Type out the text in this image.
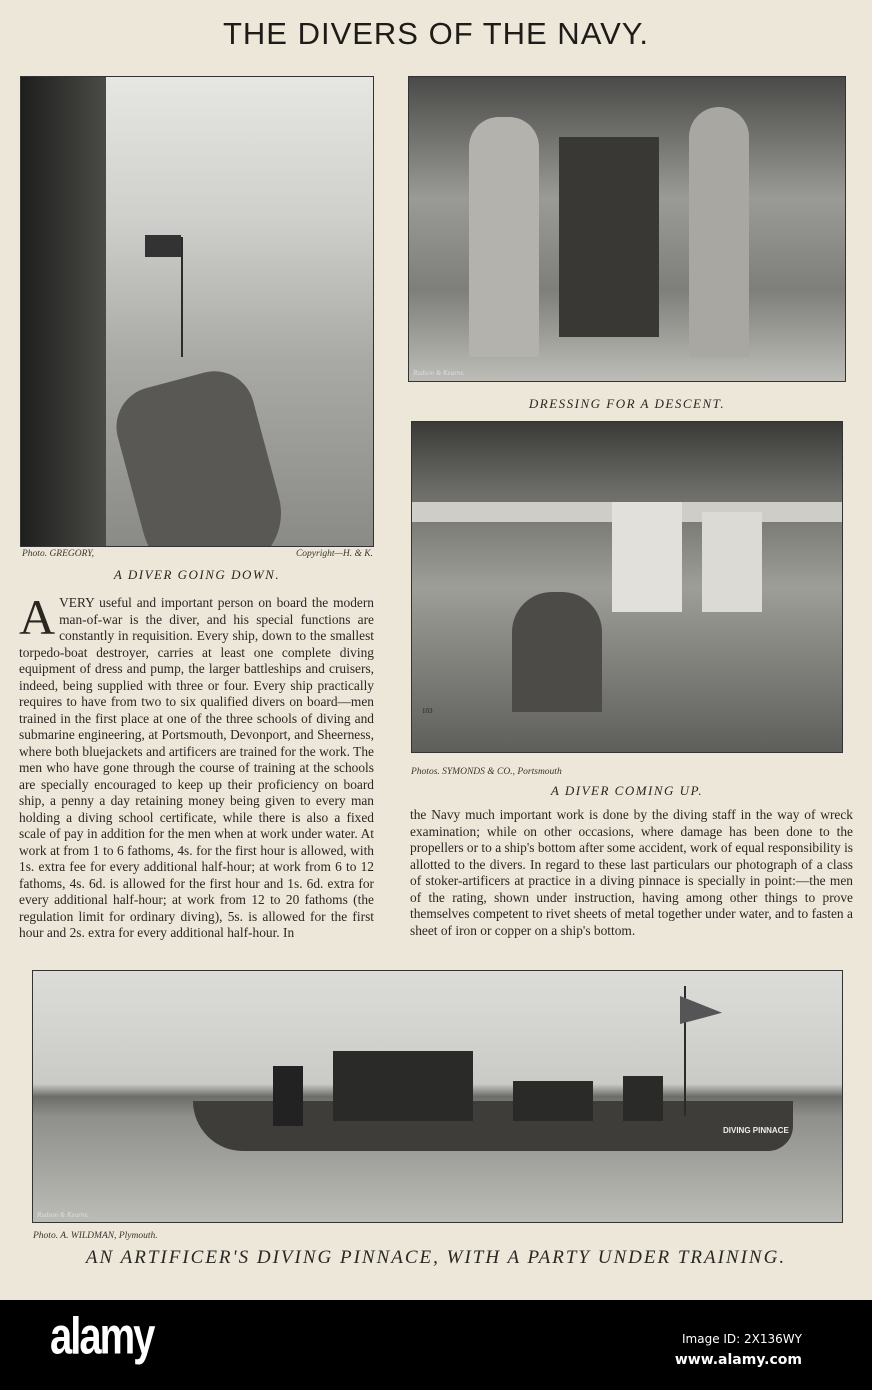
THE DIVERS OF THE NAVY.
Photo. GREGORY,	Copyright—H. & K.
A DIVER GOING DOWN.
Rudson & Kearns.
DRESSING FOR A DESCENT.
103
Photos. SYMONDS & CO., Portsmouth
A DIVER COMING UP.
A VERY useful and important person on board the modern man-of-war is the diver, and his special functions are constantly in requisition. Every ship, down to the smallest torpedo-boat destroyer, carries at least one complete diving equipment of dress and pump, the larger battleships and cruisers, indeed, being supplied with three or four. Every ship practically requires to have from two to six qualified divers on board—men trained in the first place at one of the three schools of diving and submarine engineering, at Portsmouth, Devonport, and Sheerness, where both bluejackets and artificers are trained for the work. The men who have gone through the course of training at the schools are specially encouraged to keep up their proficiency on board ship, a penny a day retaining money being given to every man holding a diving school certificate, while there is also a fixed scale of pay in addition for the men when at work under water. At work at from 1 to 6 fathoms, 4s. for the first hour is allowed, with 1s. extra fee for every additional half-hour; at work from 6 to 12 fathoms, 4s. 6d. is allowed for the first hour and 1s. 6d. extra for every additional half-hour; at work from 12 to 20 fathoms (the regulation limit for ordinary diving), 5s. is allowed for the first hour and 2s. extra for every additional half-hour. In
the Navy much important work is done by the diving staff in the way of wreck examination; while on other occasions, where damage has been done to the propellers or to a ship's bottom after some accident, work of equal responsibility is allotted to the divers. In regard to these last particulars our photograph of a class of stoker-artificers at practice in a diving pinnace is specially in point:—the men of the rating, shown under instruction, having among other things to prove themselves competent to rivet sheets of metal together under water, and to fasten a sheet of iron or copper on a ship's bottom.
DIVING PINNACE
Rudson & Kearns.
Photo. A. WILDMAN, Plymouth.
AN ARTIFICER'S DIVING PINNACE, WITH A PARTY UNDER TRAINING.
alamy	Image ID: 2X136WY
www.alamy.com
